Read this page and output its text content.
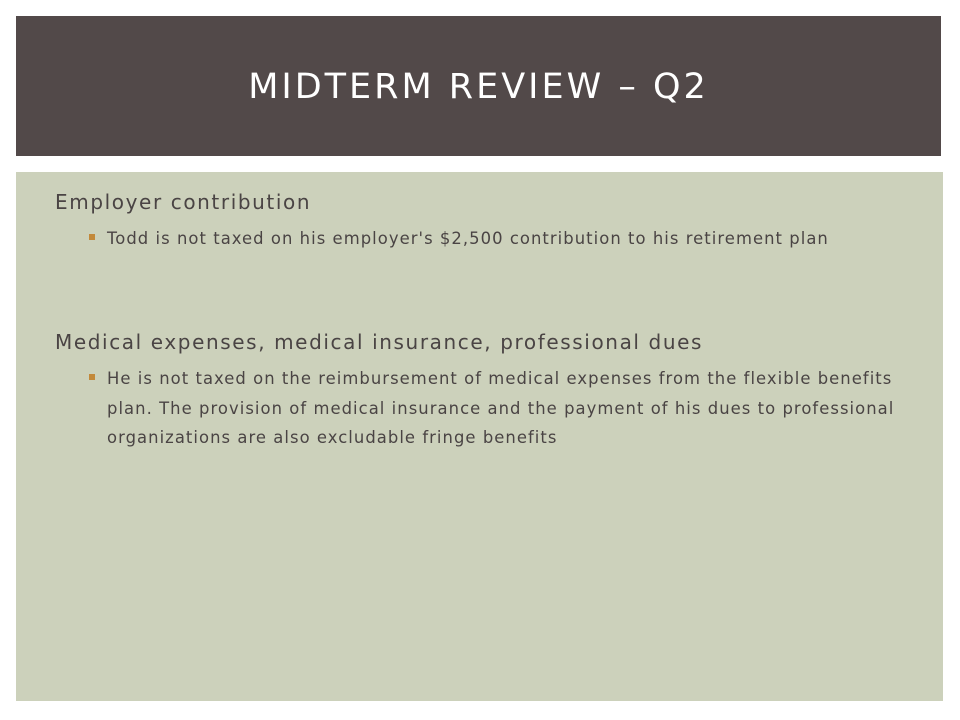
MIDTERM REVIEW – Q2

Employer contribution

Todd is not taxed on his employer's $2,500 contribution to his retirement plan

Medical expenses, medical insurance, professional dues

He is not taxed on the reimbursement of medical expenses from the flexible benefits plan. The provision of medical insurance and the payment of his dues to professional organizations are also excludable fringe benefits
